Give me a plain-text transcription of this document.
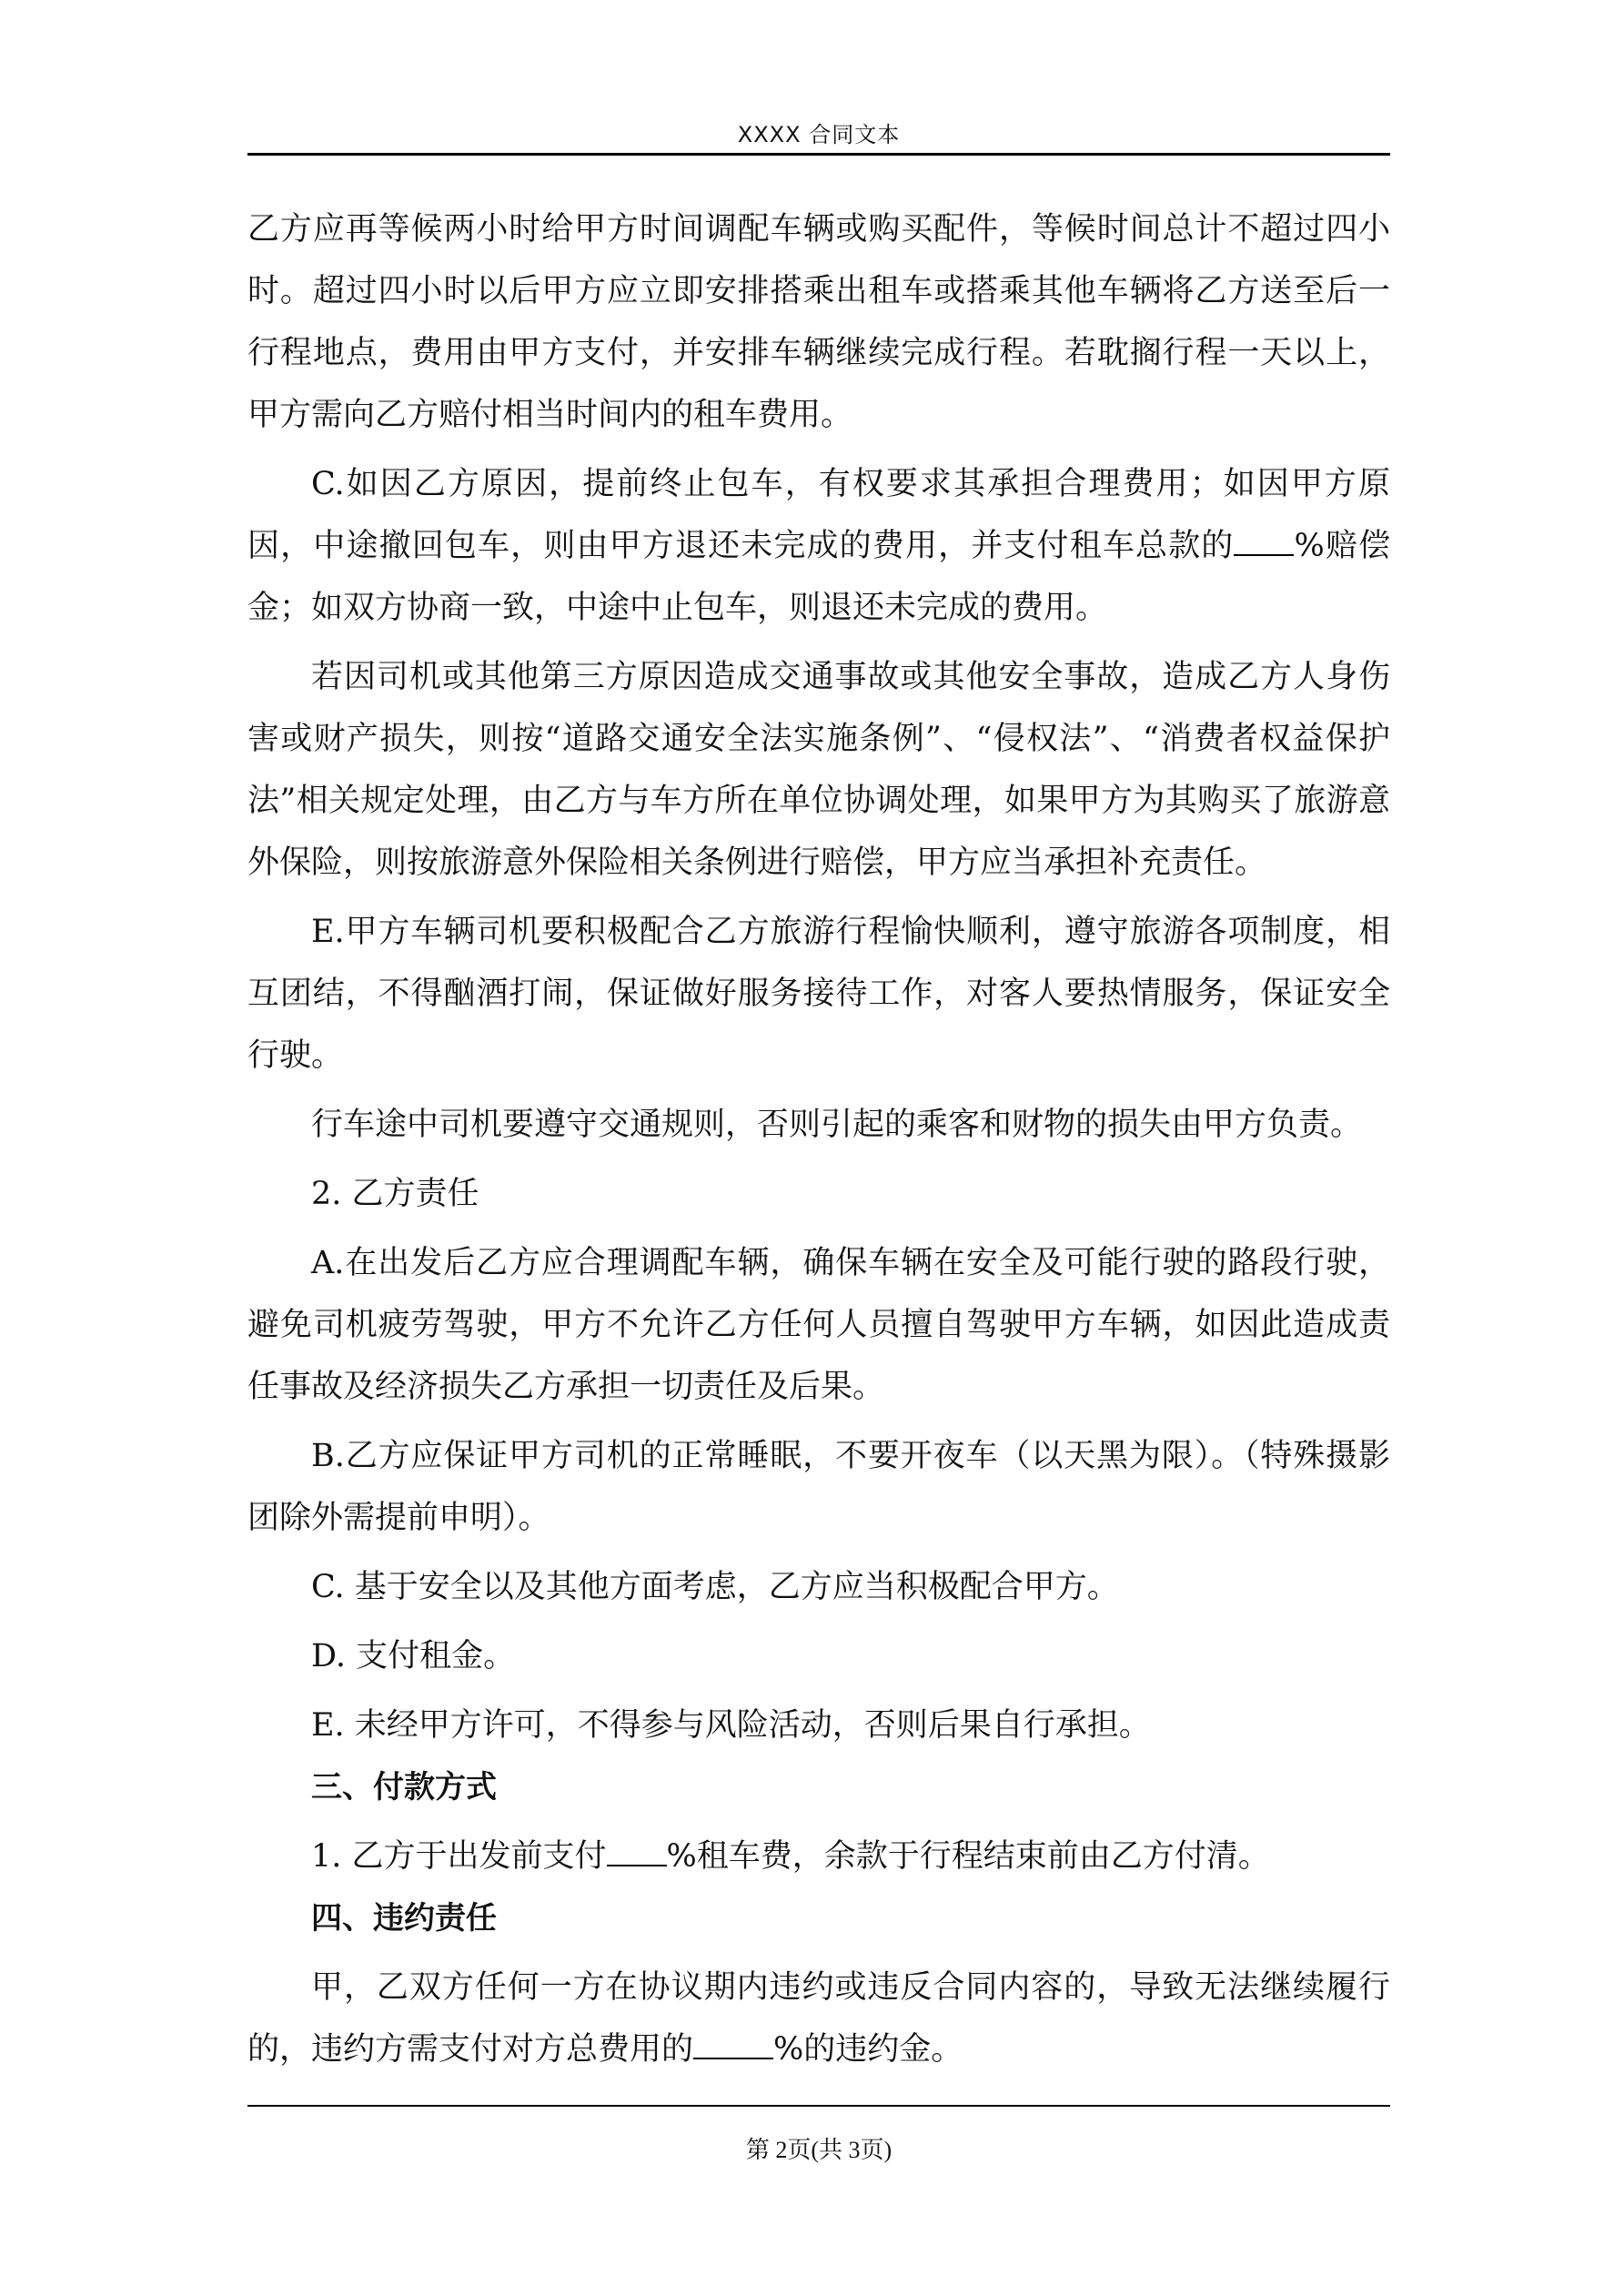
XXXX 合同文本

乙方应再等候两小时给甲方时间调配车辆或购买配件，等候时间总计不超过四小时。超过四小时以后甲方应立即安排搭乘出租车或搭乘其他车辆将乙方送至后一行程地点，费用由甲方支付，并安排车辆继续完成行程。若耽搁行程一天以上，甲方需向乙方赔付相当时间内的租车费用。

C.如因乙方原因，提前终止包车，有权要求其承担合理费用；如因甲方原因，中途撤回包车，则由甲方退还未完成的费用，并支付租车总款的 %赔偿金；如双方协商一致，中途中止包车，则退还未完成的费用。

若因司机或其他第三方原因造成交通事故或其他安全事故，造成乙方人身伤害或财产损失，则按“道路交通安全法实施条例”、“侵权法”、“消费者权益保护法”相关规定处理，由乙方与车方所在单位协调处理，如果甲方为其购买了旅游意外保险，则按旅游意外保险相关条例进行赔偿，甲方应当承担补充责任。

E.甲方车辆司机要积极配合乙方旅游行程愉快顺利，遵守旅游各项制度，相互团结，不得酗酒打闹，保证做好服务接待工作，对客人要热情服务，保证安全行驶。

行车途中司机要遵守交通规则，否则引起的乘客和财物的损失由甲方负责。

2. 乙方责任

A.在出发后乙方应合理调配车辆，确保车辆在安全及可能行驶的路段行驶，避免司机疲劳驾驶，甲方不允许乙方任何人员擅自驾驶甲方车辆，如因此造成责任事故及经济损失乙方承担一切责任及后果。

B.乙方应保证甲方司机的正常睡眠，不要开夜车（以天黑为限）。（特殊摄影团除外需提前申明）。

C. 基于安全以及其他方面考虑，乙方应当积极配合甲方。

D. 支付租金。

E. 未经甲方许可，不得参与风险活动，否则后果自行承担。

三、付款方式

1. 乙方于出发前支付 %租车费，余款于行程结束前由乙方付清。

四、违约责任

甲，乙双方任何一方在协议期内违约或违反合同内容的，导致无法继续履行的，违约方需支付对方总费用的	%的违约金。

第 2页(共 3页)
